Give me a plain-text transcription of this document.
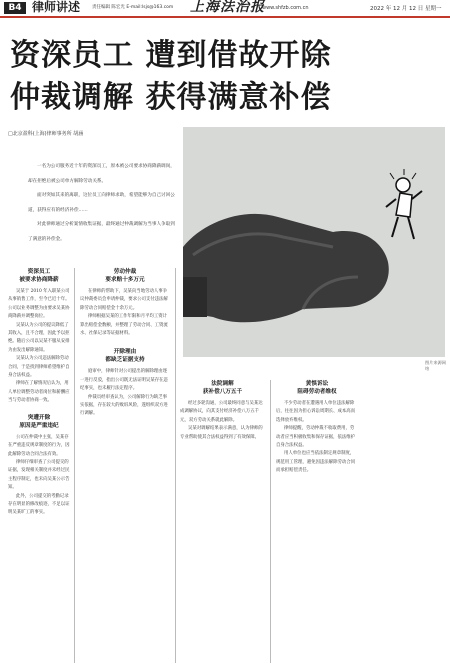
B4 律师讲述	责任编辑 陈宏光 E-mail:lsjs@163.com 上海法治报
www.shfzb.com.cn	2022 年 12 月 12 日 星期一
资深员工 遭到借故开除
仲裁调解 获得满意补偿
□北京盈科(上海)律师事务所 胡涵

一名为公司服务近十年的资深员工，原本被公司要求协商降薪调岗，却在拒绝后被公司单方解除劳动关系。

面对突如其来的离职，这位员工向律师求助，希望能够为自己讨回公道，获得应有的经济补偿……

对此律师通过分析案情收集证据，最终通过仲裁调解为当事人争取到了满意的补偿金。

图片来源网络
资深员工
被要求协商降薪

吴某于 2010 年入职某公司从事销售工作，至今已近十年。公司以业务调整为由要求吴某协商降薪并调整岗位。

吴某认为公司的提议降低了其收入，且不合理，因此予以拒绝。随后公司以吴某不服从安排为由发出解除通知。

吴某认为公司违法解除劳动合同，于是找到律师希望维护自身合法权益。

律师在了解情况后认为，用人单位调整劳动者岗位和薪酬应当与劳动者协商一致。

突遭开除
原因是严重违纪

公司在仲裁中主张，吴某存在严重违反规章制度的行为，因此解除劳动合同合法有效。

律师仔细审查了公司提交的证据，发现相关制度并未经过民主程序制定，也未向吴某公示告知。

此外，公司提交的考勤记录存在明显的修改痕迹，不足以证明吴某旷工的事实。

劳动仲裁
要求赔十多万元

在律师的帮助下，吴某向当地劳动人事争议仲裁委员会申请仲裁，要求公司支付违法解除劳动合同赔偿金十余万元。

律师根据吴某的工作年限和月平均工资计算出赔偿金数额，并整理了劳动合同、工资流水、社保记录等证据材料。

开除理由
都缺乏证据支持

庭审中，律师针对公司提出的解除理由逐一进行反驳，指出公司既无法证明吴某存在违纪事实，也未履行法定程序。

仲裁员经审查认为，公司解除行为缺乏事实依据，存在较大的败诉风险，遂组织双方进行调解。

法院调解
获补偿八万五千

经过多轮沟通，公司最终同意与吴某达成调解协议，向其支付经济补偿八万五千元，双方劳动关系就此解除。

吴某对调解结果表示满意，认为律师的专业帮助使其合法权益得到了有效保障。

黄惧诉讼
阻碍劳动者维权

不少劳动者在遭遇用人单位违法解除后，往往因为担心诉讼周期长、成本高而选择放弃维权。

律师提醒，劳动仲裁不收取费用，劳动者应当积极收集和保存证据，依法维护自身合法权益。

用人单位也应当依法制定规章制度，规范用工管理，避免因违法解除劳动合同而承担赔偿责任。
